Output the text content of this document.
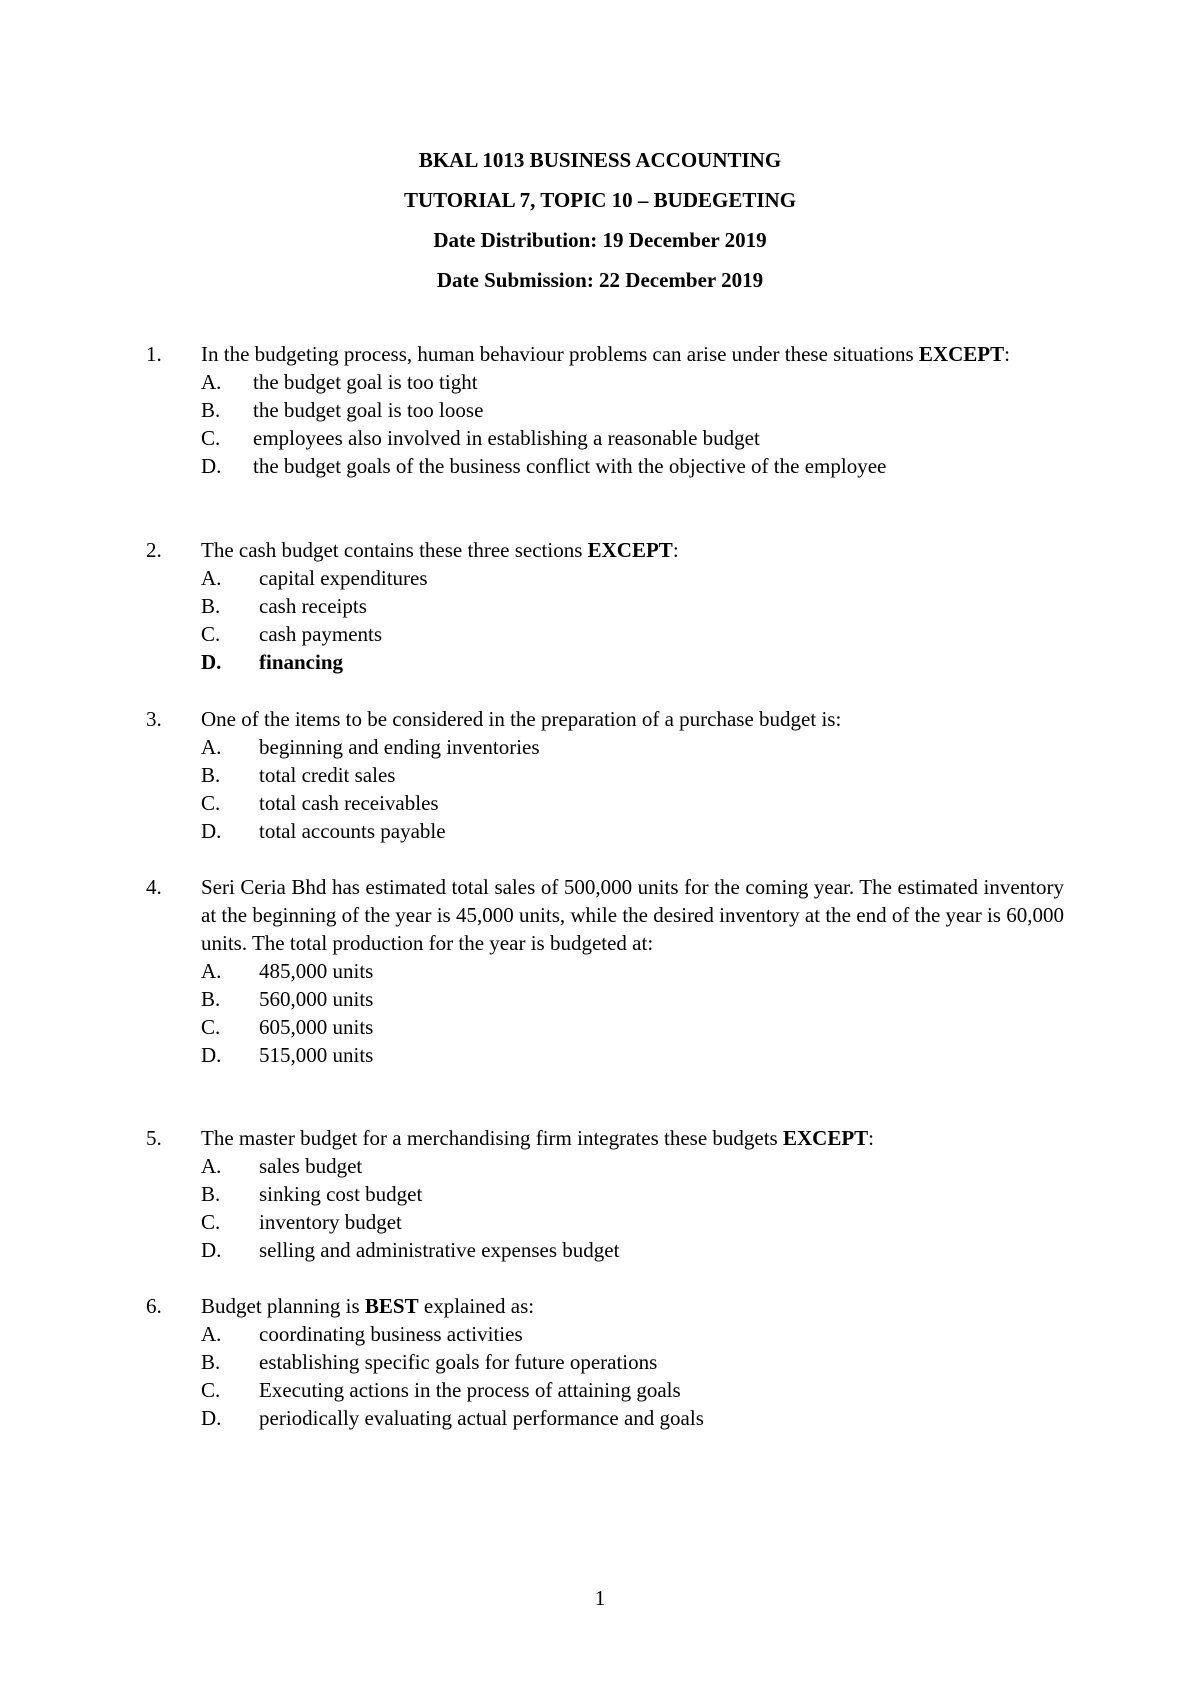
BKAL 1013 BUSINESS ACCOUNTING
TUTORIAL 7, TOPIC 10 – BUDEGETING
Date Distribution: 19 December 2019
Date Submission: 22 December 2019
1. In the budgeting process, human behaviour problems can arise under these situations EXCEPT:
A. the budget goal is too tight
B. the budget goal is too loose
C. employees also involved in establishing a reasonable budget
D. the budget goals of the business conflict with the objective of the employee
2. The cash budget contains these three sections EXCEPT:
A. capital expenditures
B. cash receipts
C. cash payments
D. financing
3. One of the items to be considered in the preparation of a purchase budget is:
A. beginning and ending inventories
B. total credit sales
C. total cash receivables
D. total accounts payable
4. Seri Ceria Bhd has estimated total sales of 500,000 units for the coming year. The estimated inventory at the beginning of the year is 45,000 units, while the desired inventory at the end of the year is 60,000 units. The total production for the year is budgeted at:
A. 485,000 units
B. 560,000 units
C. 605,000 units
D. 515,000 units
5. The master budget for a merchandising firm integrates these budgets EXCEPT:
A. sales budget
B. sinking cost budget
C. inventory budget
D. selling and administrative expenses budget
6. Budget planning is BEST explained as:
A. coordinating business activities
B. establishing specific goals for future operations
C. Executing actions in the process of attaining goals
D. periodically evaluating actual performance and goals
1
